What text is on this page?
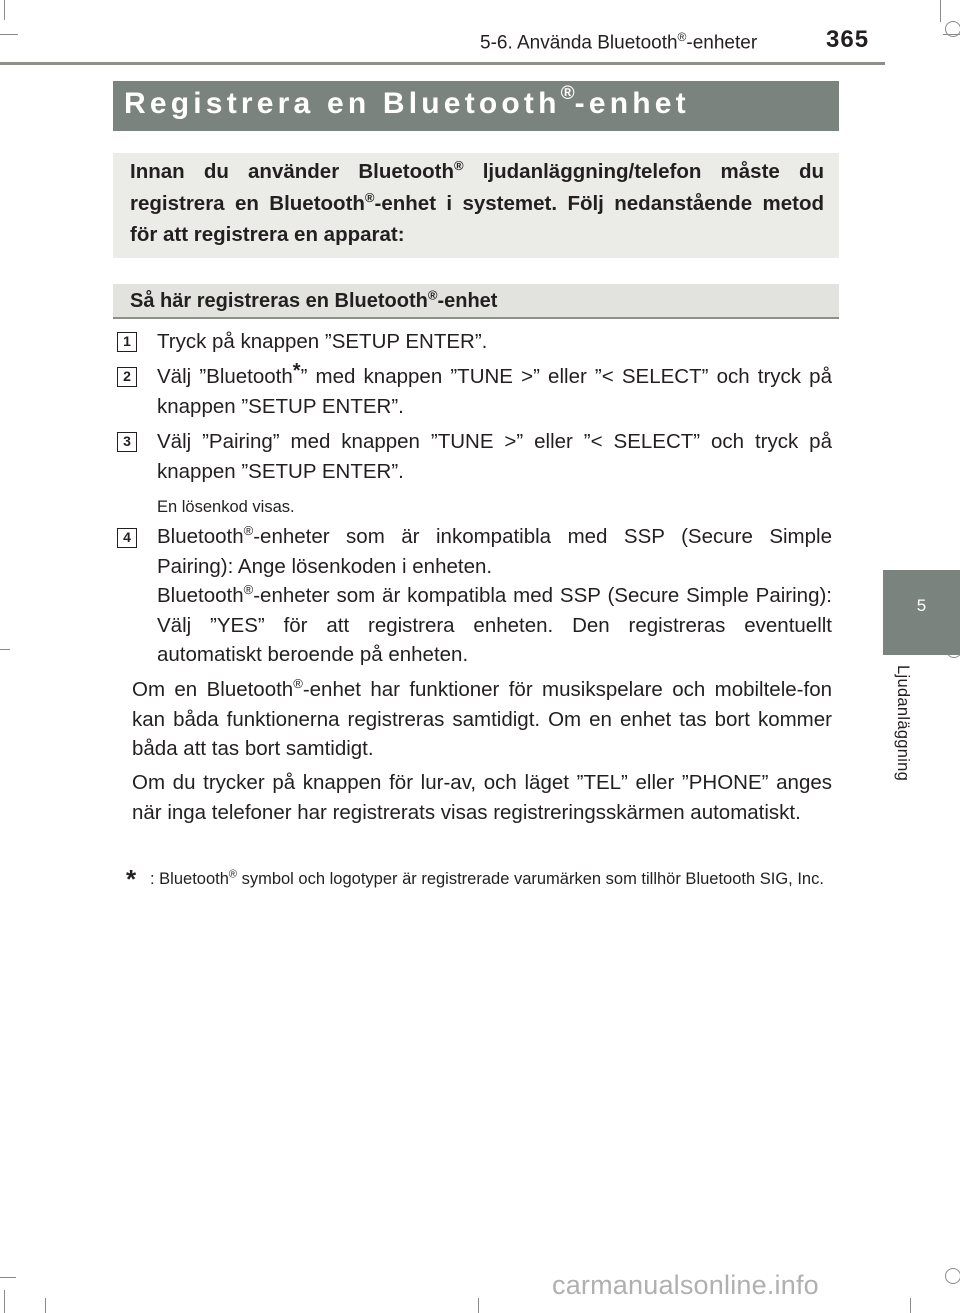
5-6. Använda Bluetooth®-enheter	365
Registrera en Bluetooth®-enhet
Innan du använder Bluetooth® ljudanläggning/telefon måste du registrera en Bluetooth®-enhet i systemet. Följ nedanstående metod för att registrera en apparat:
Så här registreras en Bluetooth®-enhet
1 Tryck på knappen ”SETUP ENTER”.
2 Välj ”Bluetooth*” med knappen ”TUNE >” eller ”< SELECT” och tryck på knappen ”SETUP ENTER”.
3 Välj ”Pairing” med knappen ”TUNE >” eller ”< SELECT” och tryck på knappen ”SETUP ENTER”.
En lösenkod visas.
4 Bluetooth®-enheter som är inkompatibla med SSP (Secure Simple Pairing): Ange lösenkoden i enheten.
Bluetooth®-enheter som är kompatibla med SSP (Secure Simple Pairing): Välj ”YES” för att registrera enheten. Den registreras eventuellt automatiskt beroende på enheten.
Om en Bluetooth®-enhet har funktioner för musikspelare och mobiltele-fon kan båda funktionerna registreras samtidigt. Om en enhet tas bort kommer båda att tas bort samtidigt.
Om du trycker på knappen för lur-av, och läget ”TEL” eller ”PHONE” anges när inga telefoner har registrerats visas registreringsskärmen automatiskt.
* : Bluetooth® symbol och logotyper är registrerade varumärken som tillhör Bluetooth SIG, Inc.
5
Ljudanläggning
carmanualsonline.info
